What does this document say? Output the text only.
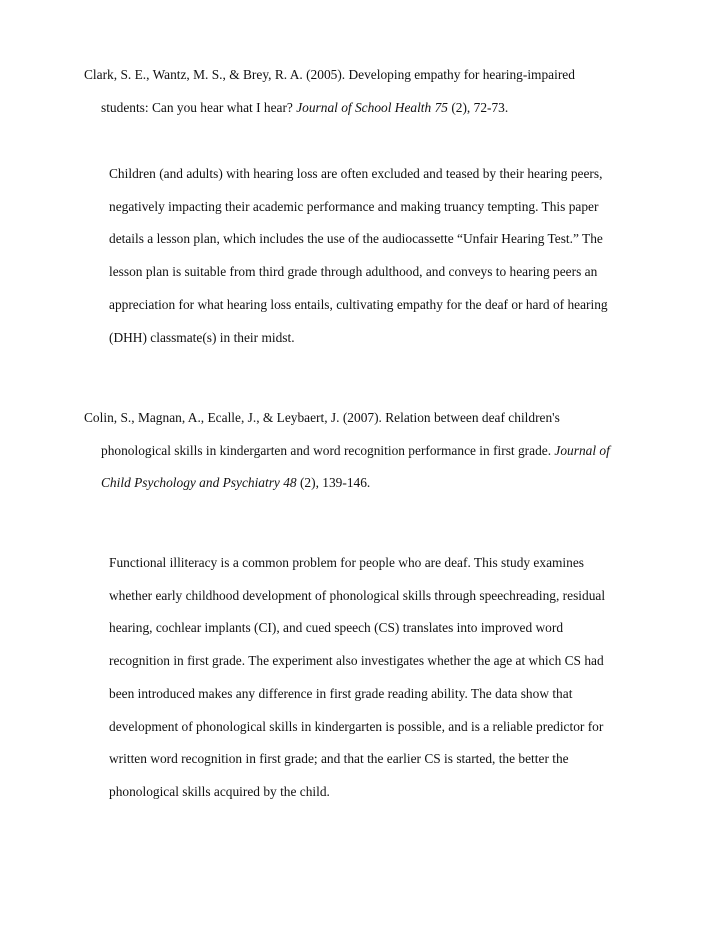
Clark, S. E., Wantz, M. S., & Brey, R. A. (2005). Developing empathy for hearing-impaired
students: Can you hear what I hear? Journal of School Health 75 (2), 72-73.
Children (and adults) with hearing loss are often excluded and teased by their hearing peers,
negatively impacting their academic performance and making truancy tempting. This paper
details a lesson plan, which includes the use of the audiocassette “Unfair Hearing Test.” The
lesson plan is suitable from third grade through adulthood, and conveys to hearing peers an
appreciation for what hearing loss entails, cultivating empathy for the deaf or hard of hearing
(DHH) classmate(s) in their midst.
Colin, S., Magnan, A., Ecalle, J., & Leybaert, J. (2007). Relation between deaf children's
phonological skills in kindergarten and word recognition performance in first grade. Journal of
Child Psychology and Psychiatry 48 (2), 139-146.
Functional illiteracy is a common problem for people who are deaf. This study examines
whether early childhood development of phonological skills through speechreading, residual
hearing, cochlear implants (CI), and cued speech (CS) translates into improved word
recognition in first grade. The experiment also investigates whether the age at which CS had
been introduced makes any difference in first grade reading ability. The data show that
development of phonological skills in kindergarten is possible, and is a reliable predictor for
written word recognition in first grade; and that the earlier CS is started, the better the
phonological skills acquired by the child.
